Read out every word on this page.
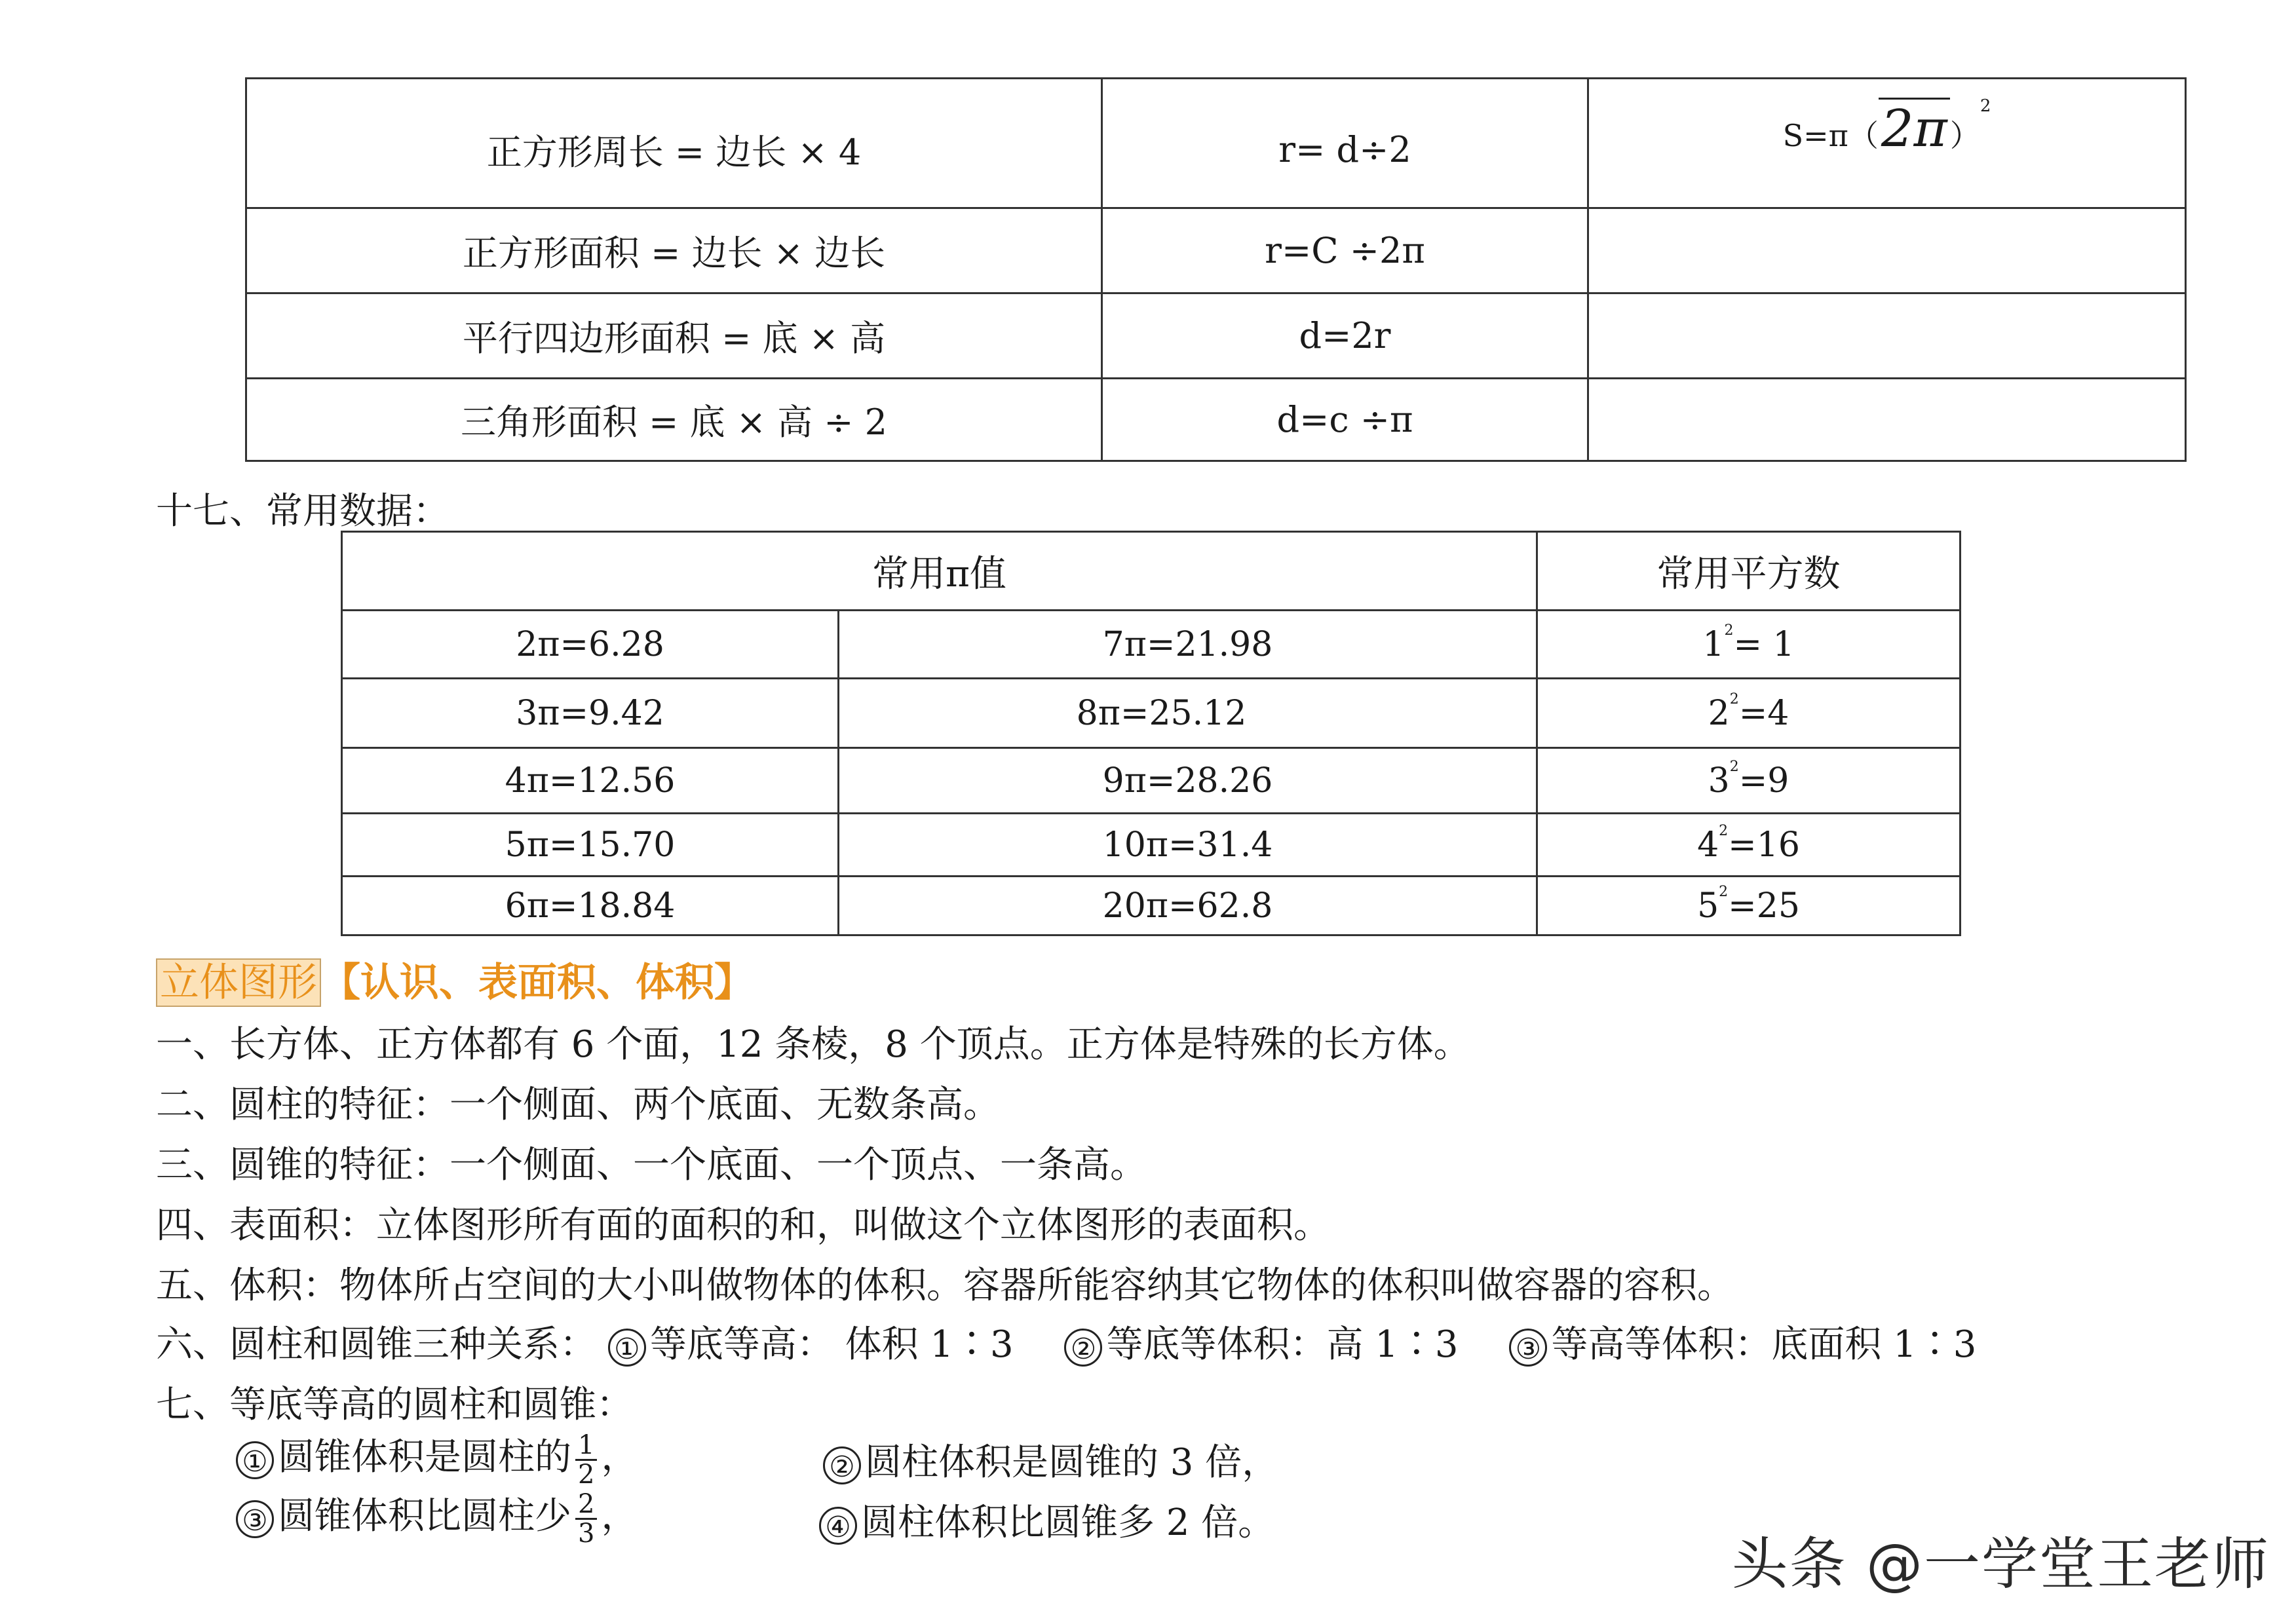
正方形周长 = 边长 × 4	r= d÷2	$S=\pi(2\pi)^2$
正方形面积 = 边长 × 边长	r=C ÷2π	
平行四边形面积 = 底 × 高	d=2r	
三角形面积 = 底 × 高 ÷ 2	d=c ÷π	
十七、常用数据：
常用π值		常用平方数
2π=6.28	7π=21.98	$1^2= 1$
3π=9.42	8π=25.12	$2^2=4$
4π=12.56	9π=28.26	$3^2=9$
5π=15.70	10π=31.4	$4^2=16$
6π=18.84	20π=62.8	$5^2=25$
立体图形 【认识、表面积、体积】
一、长方体、正方体都有 6 个面，12 条棱，8 个顶点。正方体是特殊的长方体。
二、圆柱的特征：一个侧面、两个底面、无数条高。
三、圆锥的特征：一个侧面、一个底面、一个顶点、一条高。
四、表面积：立体图形所有面的面积的和，叫做这个立体图形的表面积。
五、体积：物体所占空间的大小叫做物体的体积。容器所能容纳其它物体的体积叫做容器的容积。
六、圆柱和圆锥三种关系： ① 等底等高： 体积 1∶3 ② 等底等体积：高 1∶3 ③ 等高等体积：底面积 1∶3
七、等底等高的圆柱和圆锥：
① 圆锥体积是圆柱的 $\frac{1}{2}$ ，	② 圆柱体积是圆锥的 3 倍，
③ 圆锥体积比圆柱少 $\frac{2}{3}$ ，	④ 圆柱体积比圆锥多 2 倍。
头条 @一学堂王老师
